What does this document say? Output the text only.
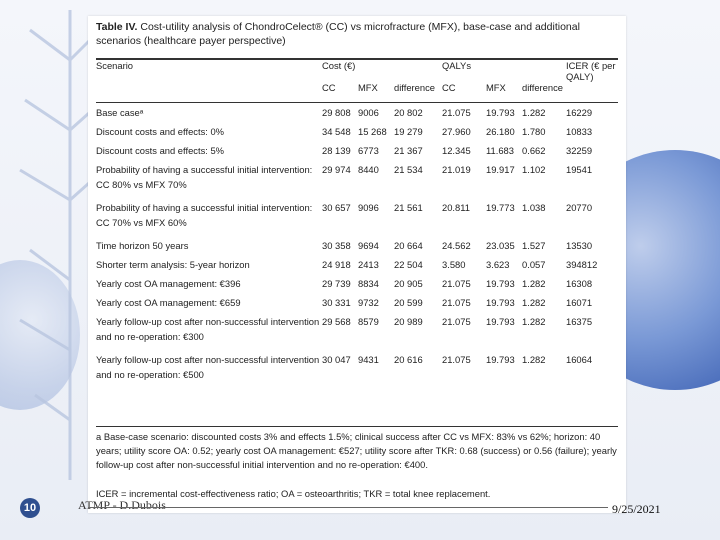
Table IV. Cost-utility analysis of ChondroCelect® (CC) vs microfracture (MFX), base-case and additional scenarios (healthcare payer perspective)
Scenario	Cost (€)			QALYs			ICER (€ per QALY)
	CC	MFX	difference	CC	MFX	difference	
Base caseᵃ	29 808	9006	20 802	21.075	19.793	1.282	16229
Discount costs and effects: 0%	34 548	15 268	19 279	27.960	26.180	1.780	10833
Discount costs and effects: 5%	28 139	6773	21 367	12.345	11.683	0.662	32259
Probability of having a successful initial intervention: CC 80% vs MFX 70%	29 974	8440	21 534	21.019	19.917	1.102	19541
Probability of having a successful initial intervention: CC 70% vs MFX 60%	30 657	9096	21 561	20.811	19.773	1.038	20770
Time horizon 50 years	30 358	9694	20 664	24.562	23.035	1.527	13530
Shorter term analysis: 5-year horizon	24 918	2413	22 504	3.580	3.623	0.057	394812
Yearly cost OA management: €396	29 739	8834	20 905	21.075	19.793	1.282	16308
Yearly cost OA management: €659	30 331	9732	20 599	21.075	19.793	1.282	16071
Yearly follow-up cost after non-successful intervention and no re-operation: €300	29 568	8579	20 989	21.075	19.793	1.282	16375
Yearly follow-up cost after non-successful intervention and no re-operation: €500	30 047	9431	20 616	21.075	19.793	1.282	16064
a Base-case scenario: discounted costs 3% and effects 1.5%; clinical success after CC vs MFX: 83% vs 62%; horizon: 40 years; utility score OA: 0.52; yearly cost OA management: €527; utility score after TKR: 0.68 (success) or 0.56 (failure); yearly follow-up cost after non-successful initial intervention and no re-operation: €400.
ICER = incremental cost-effectiveness ratio; OA = osteoarthritis; TKR = total knee replacement.
10	ATMP - D.Dubois	9/25/2021
